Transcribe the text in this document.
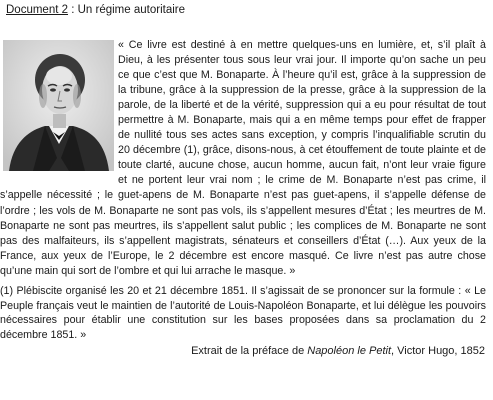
Document 2 : Un régime autoritaire

« Ce livre est destiné à en mettre quelques-uns en lumière, et, s’il plaît à Dieu, à les présenter tous sous leur vrai jour. Il importe qu’on sache un peu ce que c’est que M. Bonaparte. À l’heure qu’il est, grâce à la suppression de la tribune, grâce à la suppression de la presse, grâce à la suppression de la parole, de la liberté et de la vérité, suppression qui a eu pour résultat de tout permettre à M. Bonaparte, mais qui a en même temps pour effet de frapper de nullité tous ses actes sans exception, y compris l’inqualifiable scrutin du 20 décembre (1), grâce, disons-nous, à cet étouffement de toute plainte et de toute clarté, aucune chose, aucun homme, aucun fait, n’ont leur vraie figure et ne portent leur vrai nom ; le crime de M. Bonaparte n’est pas crime, il s’appelle nécessité ; le guet-apens de M. Bonaparte n’est pas guet-apens, il s’appelle défense de l’ordre ; les vols de M. Bonaparte ne sont pas vols, ils s’appellent mesures d’État ; les meurtres de M. Bonaparte ne sont pas meurtres, ils s’appellent salut public ; les complices de M. Bonaparte ne sont pas des malfaiteurs, ils s’appellent magistrats, sénateurs et conseillers d’État (…). Aux yeux de la France, aux yeux de l’Europe, le 2 décembre est encore masqué. Ce livre n’est pas autre chose qu’une main qui sort de l’ombre et qui lui arrache le masque. »

(1) Plébiscite organisé les 20 et 21 décembre 1851. Il s’agissait de se prononcer sur la formule : « Le Peuple français veut le maintien de l’autorité de Louis-Napoléon Bonaparte, et lui délègue les pouvoirs nécessaires pour établir une constitution sur les bases proposées dans sa proclamation du 2 décembre 1851. »

Extrait de la préface de Napoléon le Petit, Victor Hugo, 1852
